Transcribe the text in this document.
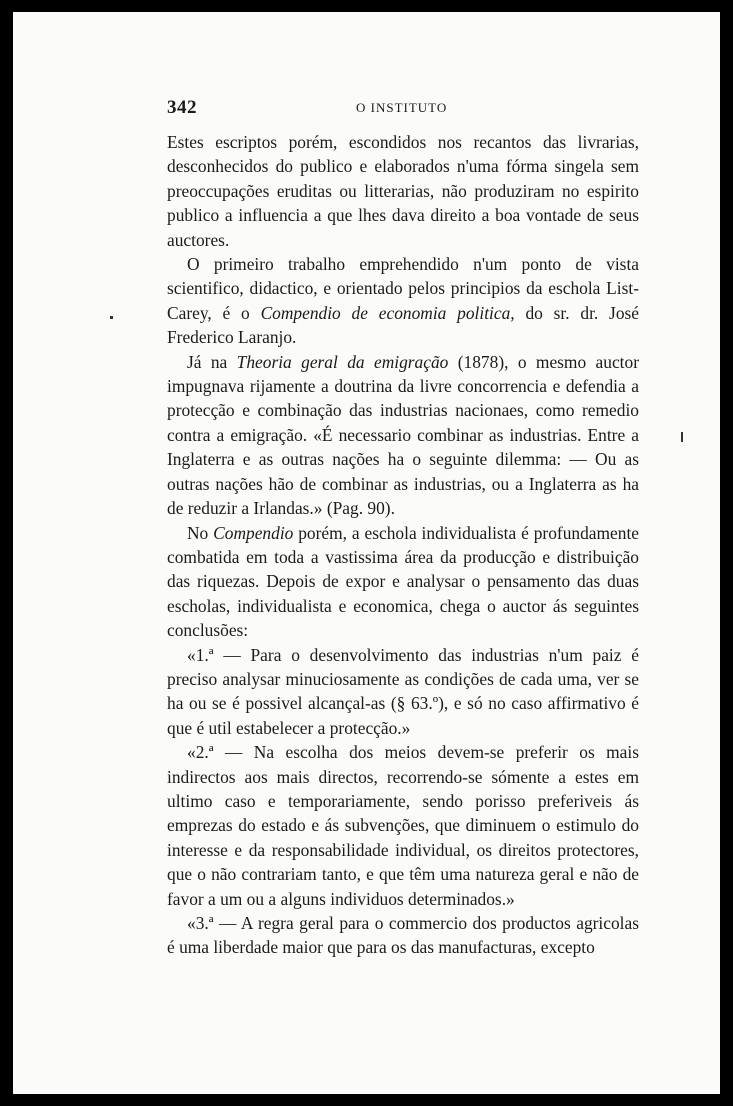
342	O INSTITUTO

Estes escriptos porém, escondidos nos recantos das livrarias, desconhecidos do publico e elaborados n'uma fórma singela sem preoccupações eruditas ou litterarias, não produziram no espirito publico a influencia a que lhes dava direito a boa vontade de seus auctores.

O primeiro trabalho emprehendido n'um ponto de vista scientifico, didactico, e orientado pelos principios da eschola List-Carey, é o Compendio de economia politica, do sr. dr. José Frederico Laranjo.

Já na Theoria geral da emigração (1878), o mesmo auctor impugnava rijamente a doutrina da livre concorrencia e defendia a protecção e combinação das industrias nacionaes, como remedio contra a emigração. «É necessario combinar as industrias. Entre a Inglaterra e as outras nações ha o seguinte dilemma: — Ou as outras nações hão de combinar as industrias, ou a Inglaterra as ha de reduzir a Irlandas.» (Pag. 90).

No Compendio porém, a eschola individualista é profundamente combatida em toda a vastissima área da producção e distribuição das riquezas. Depois de expor e analysar o pensamento das duas escholas, individualista e economica, chega o auctor ás seguintes conclusões:

«1.ª — Para o desenvolvimento das industrias n'um paiz é preciso analysar minuciosamente as condições de cada uma, ver se ha ou se é possivel alcançal-as (§ 63.º), e só no caso affirmativo é que é util estabelecer a protecção.»

«2.ª — Na escolha dos meios devem-se preferir os mais indirectos aos mais directos, recorrendo-se sómente a estes em ultimo caso e temporariamente, sendo porisso preferiveis ás emprezas do estado e ás subvenções, que diminuem o estimulo do interesse e da responsabilidade individual, os direitos protectores, que o não contrariam tanto, e que têm uma natureza geral e não de favor a um ou a alguns individuos determinados.»

«3.ª — A regra geral para o commercio dos productos agricolas é uma liberdade maior que para os das manufacturas, excepto
